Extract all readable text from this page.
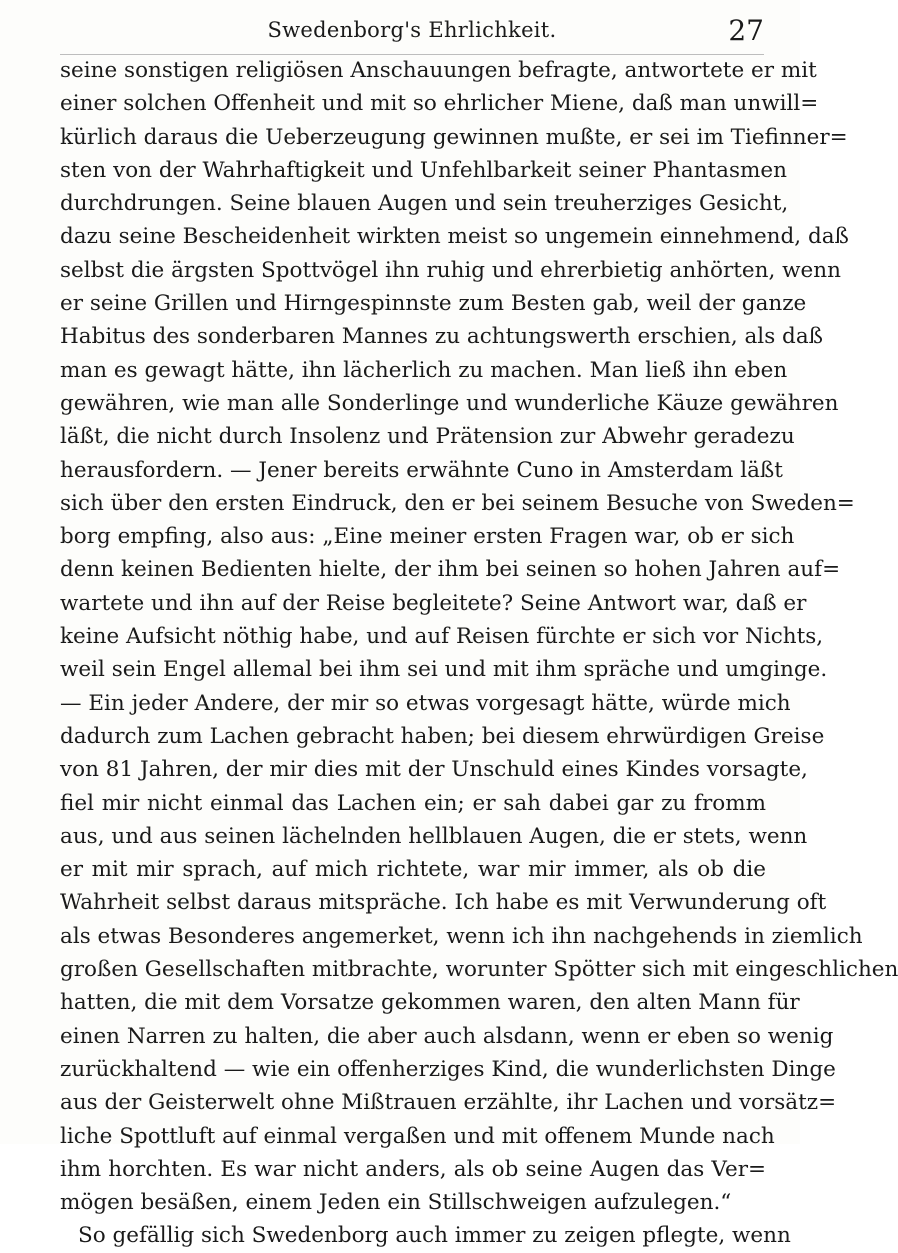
Swedenborg's Ehrlichkeit.	27
seine sonstigen religiösen Anschauungen befragte, antwortete er mit
einer solchen Offenheit und mit so ehrlicher Miene, daß man unwill=
kürlich daraus die Ueberzeugung gewinnen mußte, er sei im Tiefinner=
sten von der Wahrhaftigkeit und Unfehlbarkeit seiner Phantasmen
durchdrungen. Seine blauen Augen und sein treuherziges Gesicht,
dazu seine Bescheidenheit wirkten meist so ungemein einnehmend, daß
selbst die ärgsten Spottvögel ihn ruhig und ehrerbietig anhörten, wenn
er seine Grillen und Hirngespinnste zum Besten gab, weil der ganze
Habitus des sonderbaren Mannes zu achtungswerth erschien, als daß
man es gewagt hätte, ihn lächerlich zu machen. Man ließ ihn eben
gewähren, wie man alle Sonderlinge und wunderliche Käuze gewähren
läßt, die nicht durch Insolenz und Prätension zur Abwehr geradezu
herausfordern. — Jener bereits erwähnte Cuno in Amsterdam läßt
sich über den ersten Eindruck, den er bei seinem Besuche von Sweden=
borg empfing, also aus: „Eine meiner ersten Fragen war, ob er sich
denn keinen Bedienten hielte, der ihm bei seinen so hohen Jahren auf=
wartete und ihn auf der Reise begleitete? Seine Antwort war, daß er
keine Aufsicht nöthig habe, und auf Reisen fürchte er sich vor Nichts,
weil sein Engel allemal bei ihm sei und mit ihm spräche und umginge.
— Ein jeder Andere, der mir so etwas vorgesagt hätte, würde mich
dadurch zum Lachen gebracht haben; bei diesem ehrwürdigen Greise
von 81 Jahren, der mir dies mit der Unschuld eines Kindes vorsagte,
fiel mir nicht einmal das Lachen ein; er sah dabei gar zu fromm
aus, und aus seinen lächelnden hellblauen Augen, die er stets, wenn
er mit mir sprach, auf mich richtete, war mir immer, als ob die
Wahrheit selbst daraus mitspräche. Ich habe es mit Verwunderung oft
als etwas Besonderes angemerket, wenn ich ihn nachgehends in ziemlich
großen Gesellschaften mitbrachte, worunter Spötter sich mit eingeschlichen
hatten, die mit dem Vorsatze gekommen waren, den alten Mann für
einen Narren zu halten, die aber auch alsdann, wenn er eben so wenig
zurückhaltend — wie ein offenherziges Kind, die wunderlichsten Dinge
aus der Geisterwelt ohne Mißtrauen erzählte, ihr Lachen und vorsätz=
liche Spottluft auf einmal vergaßen und mit offenem Munde nach
ihm horchten. Es war nicht anders, als ob seine Augen das Ver=
mögen besäßen, einem Jeden ein Stillschweigen aufzulegen.“
So gefällig sich Swedenborg auch immer zu zeigen pflegte, wenn
